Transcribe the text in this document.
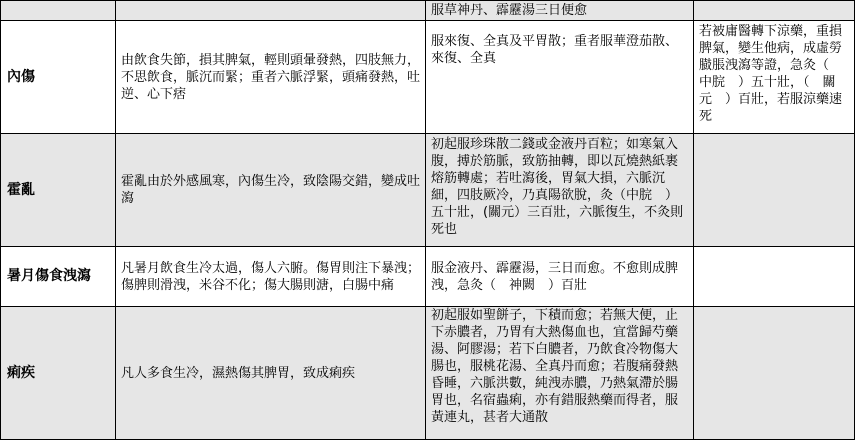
服草神丹、霹靂湯三日便愈
內傷
由飲食失節，損其脾氣，輕則頭暈發熱，四肢無力，不思飲食，脈沉而緊；重者六脈浮緊，頭痛發熱，吐逆、心下痞
服來復、全真及平胃散；重者服華澄茄散、來復、全真
若被庸醫轉下涼藥，重損脾氣，變生他病，成虛勞臌脹洩瀉等證，急灸（　中脘　）五十壯，（　關元　）百壯，若服涼藥速死
霍亂	霍亂由於外感風寒，內傷生冷，致陰陽交錯，變成吐瀉
初起服珍珠散二錢或金液丹百粒；如寒氣入腹，搏於筋脈，致筋抽轉，即以瓦燒熱紙裹熔筋轉處；若吐瀉後，胃氣大損，六脈沉細，四肢厥冷，乃真陽欲脫，灸（中脘　）五十壯，(關元）三百壯，六脈復生，不灸則死也
暑月傷食洩瀉 凡暑月飲食生冷太過，傷人六腑。傷胃則注下暴洩；傷脾則滑洩，米谷不化；傷大腸則溏，白腸中痛
服金液丹、霹靂湯，三日而愈。不愈則成脾洩，急灸（　神闕　）百壯
痢疾	凡人多食生冷，濕熱傷其脾胃，致成痢疾
初起服如聖餅子，下積而愈；若無大便，止下赤膿者，乃胃有大熱傷血也，宜當歸芍藥湯、阿膠湯；若下白膿者，乃飲食冷物傷大腸也，服桃花湯、全真丹而愈；若腹痛發熱昏睡，六脈洪數，純洩赤膿，乃熱氣滯於腸胃也，名宿蟲痢，亦有錯服熱藥而得者，服黃連丸，甚者大通散
